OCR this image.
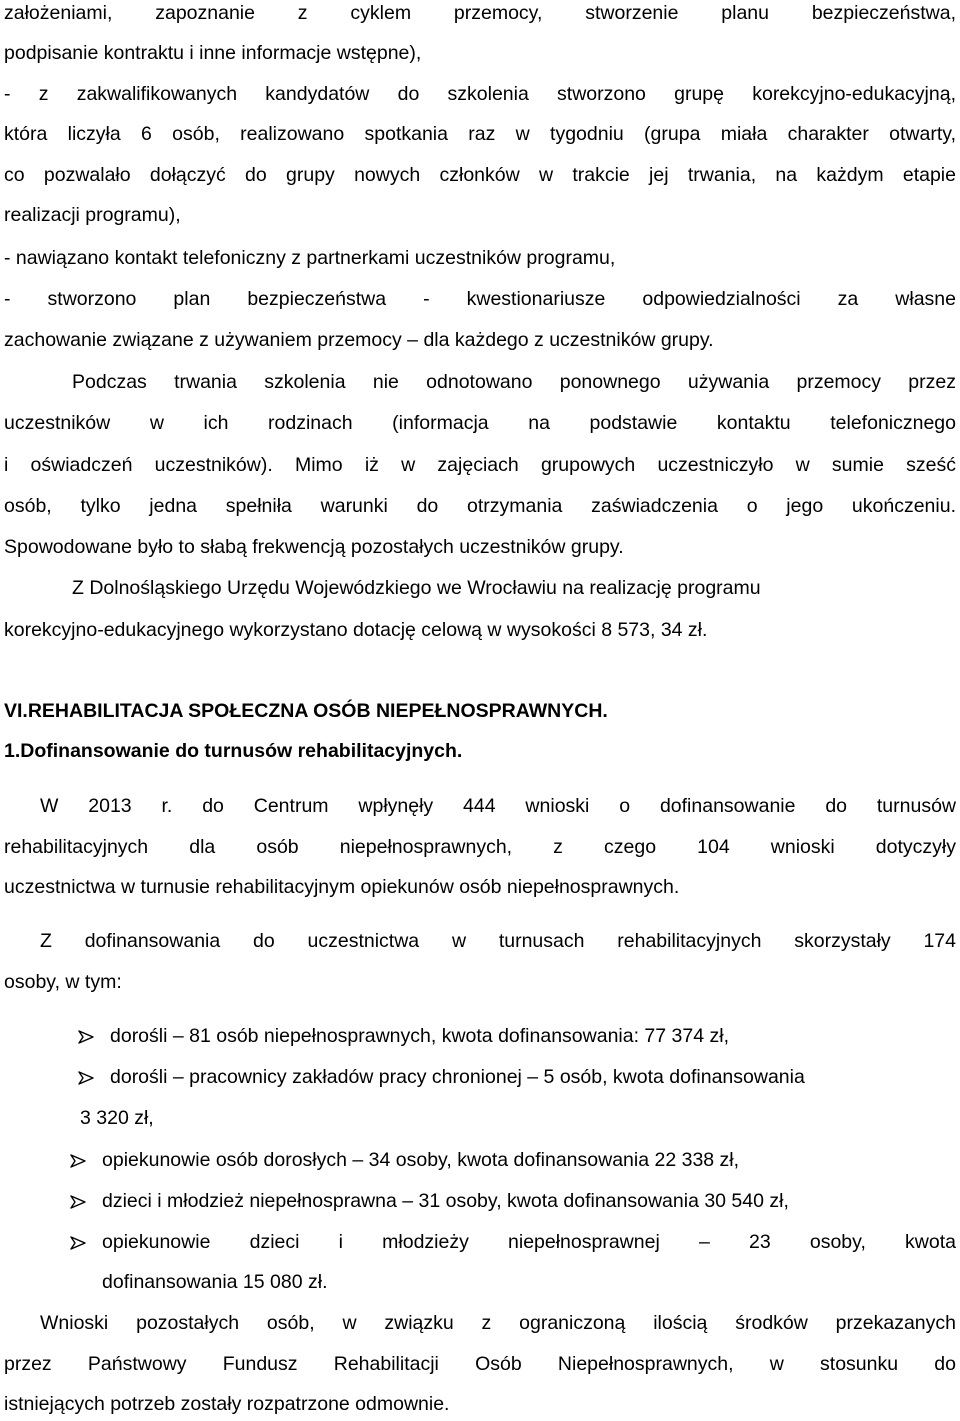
założeniami, zapoznanie z cyklem przemocy, stworzenie planu bezpieczeństwa,
podpisanie kontraktu i inne informacje wstępne),
- z zakwalifikowanych kandydatów do szkolenia stworzono grupę korekcyjno-edukacyjną,
która liczyła 6 osób, realizowano spotkania raz w tygodniu (grupa miała charakter otwarty,
co pozwalało dołączyć do grupy nowych członków w trakcie jej trwania, na każdym etapie
realizacji programu),
- nawiązano kontakt telefoniczny z partnerkami uczestników programu,
- stworzono plan bezpieczeństwa - kwestionariusze odpowiedzialności za własne
zachowanie związane z używaniem przemocy – dla każdego z uczestników grupy.
Podczas trwania szkolenia nie odnotowano ponownego używania przemocy przez
uczestników w ich rodzinach (informacja na podstawie kontaktu telefonicznego
i oświadczeń uczestników). Mimo iż w zajęciach grupowych uczestniczyło w sumie sześć
osób, tylko jedna spełniła warunki do otrzymania zaświadczenia o jego ukończeniu.
Spowodowane było to słabą frekwencją pozostałych uczestników grupy.
Z Dolnośląskiego Urzędu Wojewódzkiego we Wrocławiu na realizację programu
korekcyjno-edukacyjnego wykorzystano dotację celową w wysokości 8 573, 34 zł.
VI.REHABILITACJA SPOŁECZNA OSÓB NIEPEŁNOSPRAWNYCH.
1.Dofinansowanie do turnusów rehabilitacyjnych.
W 2013 r. do Centrum wpłynęły 444 wnioski o dofinansowanie do turnusów
rehabilitacyjnych dla osób niepełnosprawnych, z czego 104 wnioski dotyczyły
uczestnictwa w turnusie rehabilitacyjnym opiekunów osób niepełnosprawnych.
Z dofinansowania do uczestnictwa w turnusach rehabilitacyjnych skorzystały 174
osoby, w tym:
dorośli – 81 osób niepełnosprawnych, kwota dofinansowania: 77 374 zł,
dorośli – pracownicy zakładów pracy chronionej – 5 osób, kwota dofinansowania
3 320 zł,
opiekunowie osób dorosłych – 34 osoby, kwota dofinansowania 22 338 zł,
dzieci i młodzież niepełnosprawna – 31 osoby, kwota dofinansowania 30 540 zł,
opiekunowie dzieci i młodzieży niepełnosprawnej – 23 osoby, kwota
dofinansowania 15 080 zł.
Wnioski pozostałych osób, w związku z ograniczoną ilością środków przekazanych
przez Państwowy Fundusz Rehabilitacji Osób Niepełnosprawnych, w stosunku do
istniejących potrzeb zostały rozpatrzone odmownie.
